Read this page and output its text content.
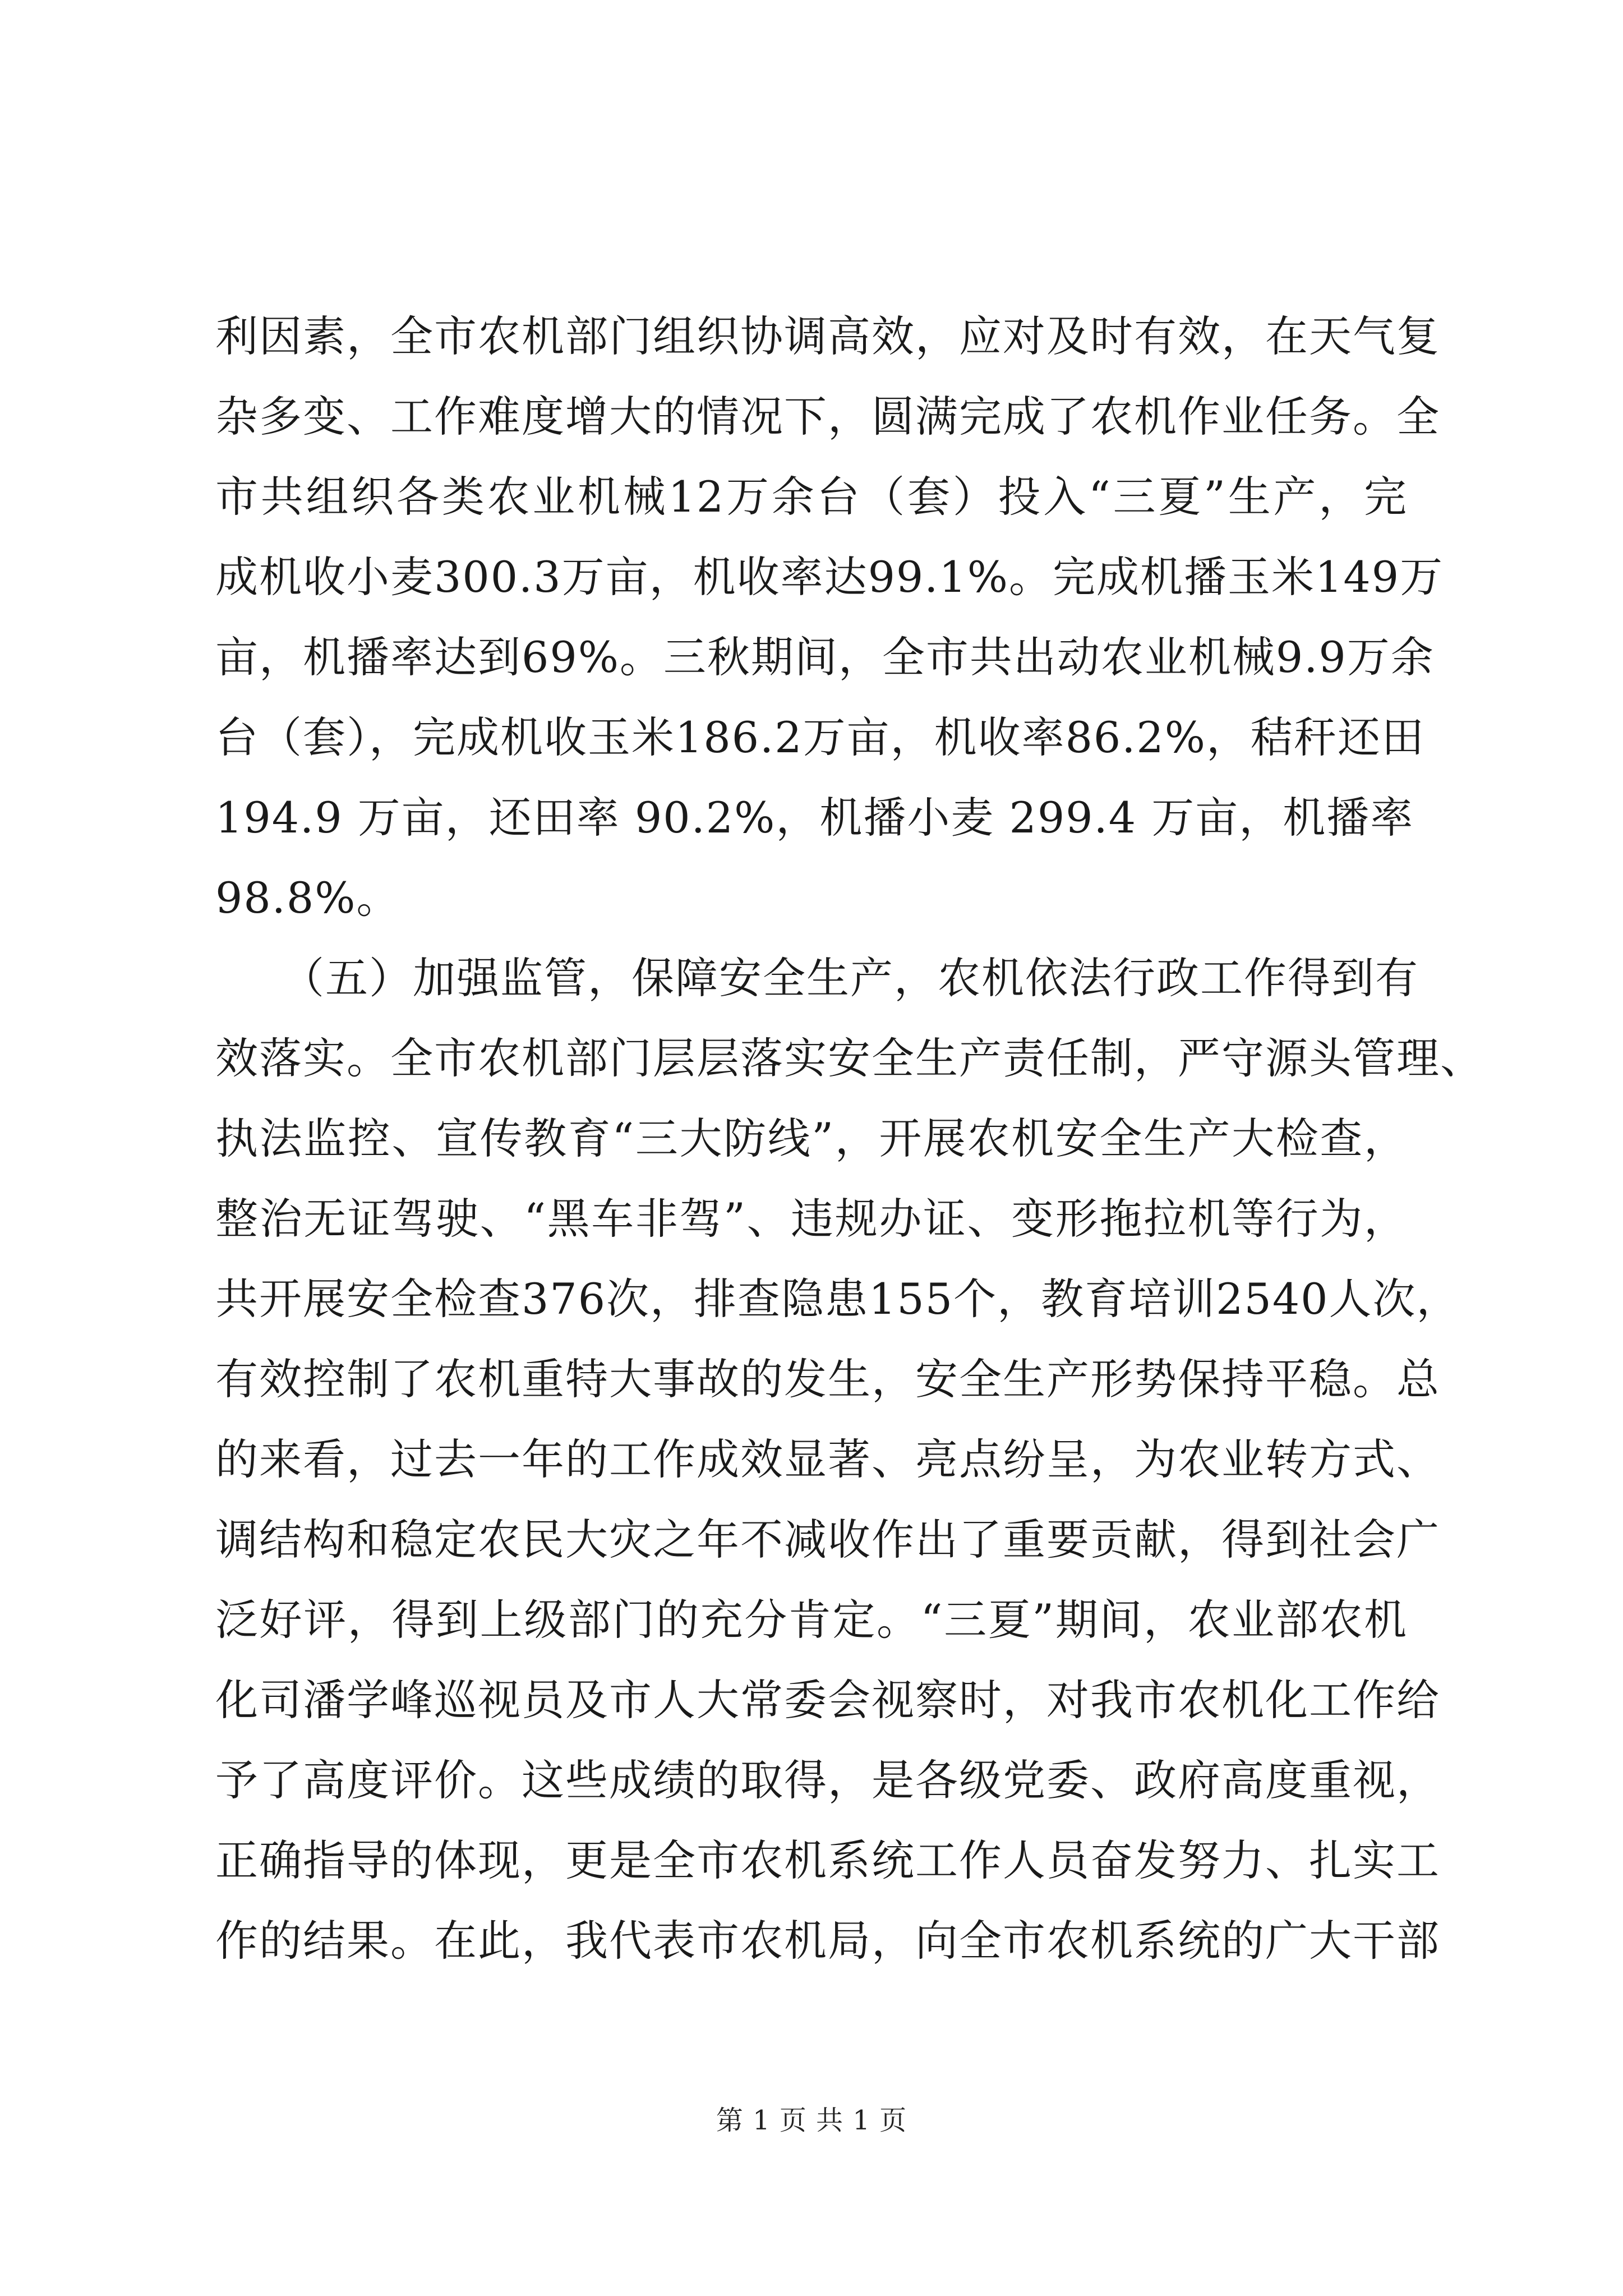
利因素，全市农机部门组织协调高效，应对及时有效，在天气复
杂多变、工作难度增大的情况下，圆满完成了农机作业任务。全
市共组织各类农业机械12万余台（套）投入“三夏”生产，完
成机收小麦300.3万亩，机收率达99.1%。完成机播玉米149万
亩，机播率达到69%。三秋期间，全市共出动农业机械9.9万余
台（套），完成机收玉米186.2万亩，机收率86.2%，秸秆还田
194.9 万亩，还田率 90.2%，机播小麦 299.4 万亩，机播率
98.8%。
　　（五）加强监管，保障安全生产，农机依法行政工作得到有
效落实。全市农机部门层层落实安全生产责任制，严守源头管理、
执法监控、宣传教育“三大防线”，开展农机安全生产大检查，
整治无证驾驶、“黑车非驾”、违规办证、变形拖拉机等行为，
共开展安全检查376次，排查隐患155个，教育培训2540人次，
有效控制了农机重特大事故的发生，安全生产形势保持平稳。总
的来看，过去一年的工作成效显著、亮点纷呈，为农业转方式、
调结构和稳定农民大灾之年不减收作出了重要贡献，得到社会广
泛好评，得到上级部门的充分肯定。“三夏”期间，农业部农机
化司潘学峰巡视员及市人大常委会视察时，对我市农机化工作给
予了高度评价。这些成绩的取得，是各级党委、政府高度重视，
正确指导的体现，更是全市农机系统工作人员奋发努力、扎实工
作的结果。在此，我代表市农机局，向全市农机系统的广大干部
第 1 页 共 1 页
